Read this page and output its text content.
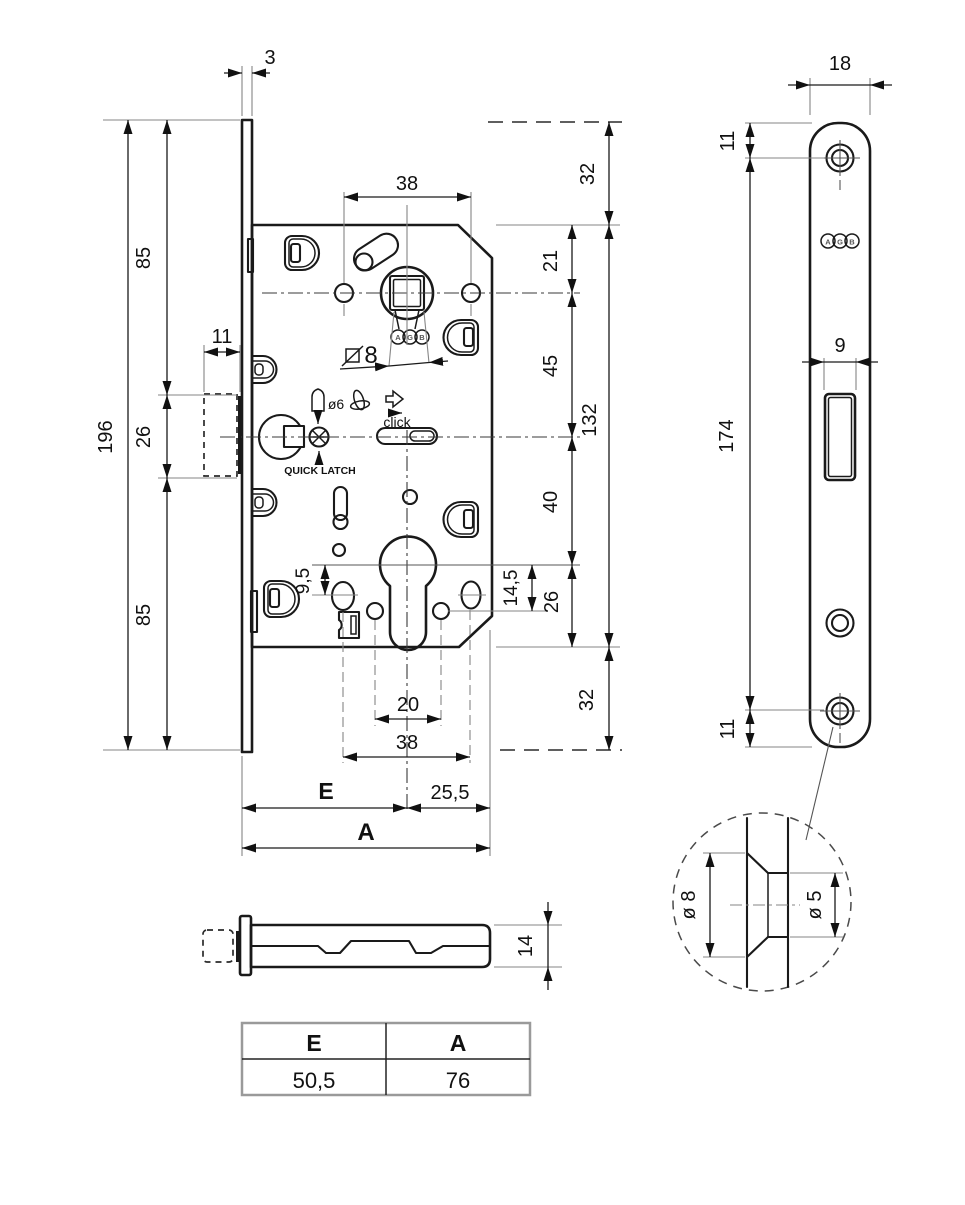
A G B
ø6
click
QUICK LATCH
3
38
8
196
85
26
85
11
21
45
40
26
14,5
32
132
32
9,5
20
38
E	25,5
A
A G B
18
11
174
11
9
ø 8	ø 5
14
E	A
50,5	76
